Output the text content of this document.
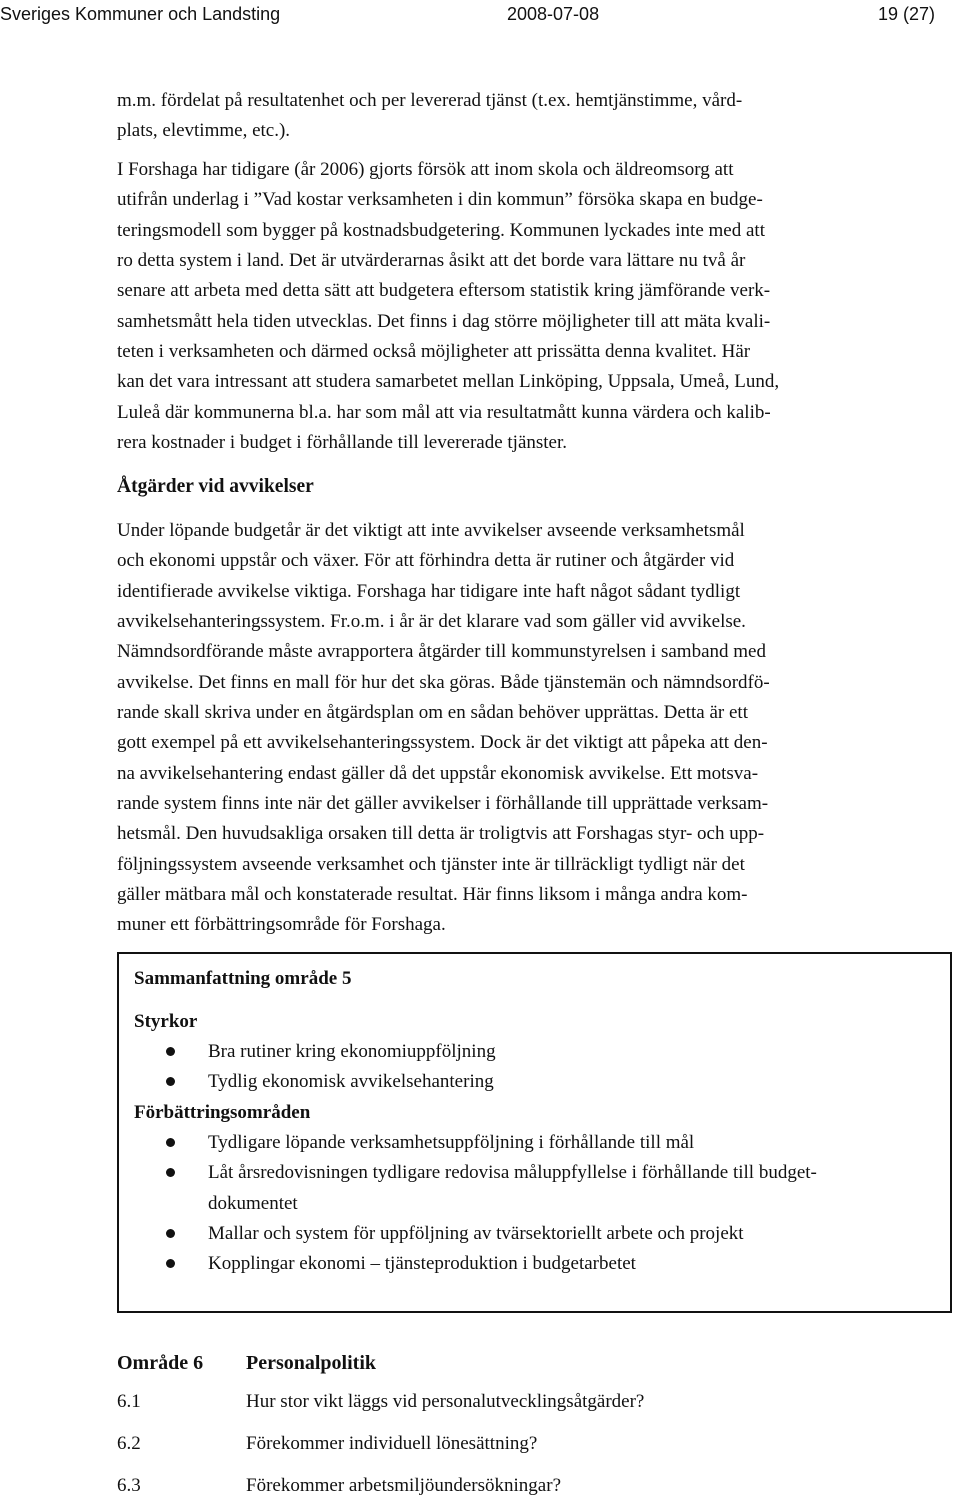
Sveriges Kommuner och Landsting	2008-07-08	19 (27)
m.m. fördelat på resultatenhet och per levererad tjänst (t.ex. hemtjänstimme, vård-
plats, elevtimme, etc.).
I Forshaga har tidigare (år 2006) gjorts försök att inom skola och äldreomsorg att
utifrån underlag i ”Vad kostar verksamheten i din kommun” försöka skapa en budge-
teringsmodell som bygger på kostnadsbudgetering. Kommunen lyckades inte med att
ro detta system i land. Det är utvärderarnas åsikt att det borde vara lättare nu två år
senare att arbeta med detta sätt att budgetera eftersom statistik kring jämförande verk-
samhetsmått hela tiden utvecklas. Det finns i dag större möjligheter till att mäta kvali-
teten i verksamheten och därmed också möjligheter att prissätta denna kvalitet. Här
kan det vara intressant att studera samarbetet mellan Linköping, Uppsala, Umeå, Lund,
Luleå där kommunerna bl.a. har som mål att via resultatmått kunna värdera och kalib-
rera kostnader i budget i förhållande till levererade tjänster.
Åtgärder vid avvikelser
Under löpande budgetår är det viktigt att inte avvikelser avseende verksamhetsmål
och ekonomi uppstår och växer. För att förhindra detta är rutiner och åtgärder vid
identifierade avvikelse viktiga. Forshaga har tidigare inte haft något sådant tydligt
avvikelsehanteringssystem. Fr.o.m. i år är det klarare vad som gäller vid avvikelse.
Nämndsordförande måste avrapportera åtgärder till kommunstyrelsen i samband med
avvikelse. Det finns en mall för hur det ska göras. Både tjänstemän och nämndsordfö-
rande skall skriva under en åtgärdsplan om en sådan behöver upprättas. Detta är ett
gott exempel på ett avvikelsehanteringssystem. Dock är det viktigt att påpeka att den-
na avvikelsehantering endast gäller då det uppstår ekonomisk avvikelse. Ett motsva-
rande system finns inte när det gäller avvikelser i förhållande till upprättade verksam-
hetsmål. Den huvudsakliga orsaken till detta är troligtvis att Forshagas styr- och upp-
följningssystem avseende verksamhet och tjänster inte är tillräckligt tydligt när det
gäller mätbara mål och konstaterade resultat. Här finns liksom i många andra kom-
muner ett förbättringsområde för Forshaga.
Sammanfattning område 5
Styrkor
Bra rutiner kring ekonomiuppföljning
Tydlig ekonomisk avvikelsehantering
Förbättringsområden
Tydligare löpande verksamhetsuppföljning i förhållande till mål
Låt årsredovisningen tydligare redovisa måluppfyllelse i förhållande till budget-
dokumentet
Mallar och system för uppföljning av tvärsektoriellt arbete och projekt
Kopplingar ekonomi – tjänsteproduktion i budgetarbetet
Område 6 Personalpolitik
6.1	Hur stor vikt läggs vid personalutvecklingsåtgärder?
6.2	Förekommer individuell lönesättning?
6.3	Förekommer arbetsmiljöundersökningar?
